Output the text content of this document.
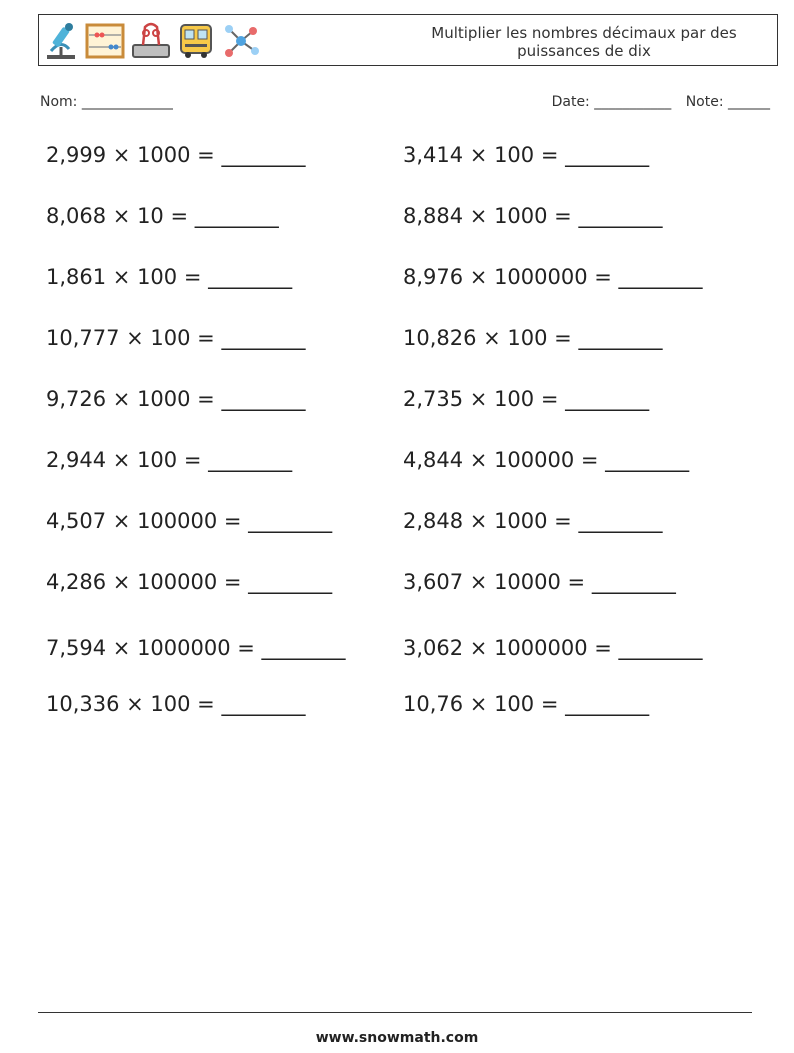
Multiplier les nombres décimaux par des puissances de dix
Nom: _____________	Date: ___________ Note: ______
2,999 × 1000 = ________	3,414 × 100 = ________
8,068 × 10 = ________	8,884 × 1000 = ________
1,861 × 100 = ________	8,976 × 1000000 = ________
10,777 × 100 = ________	10,826 × 100 = ________
9,726 × 1000 = ________	2,735 × 100 = ________
2,944 × 100 = ________	4,844 × 100000 = ________
4,507 × 100000 = ________	2,848 × 1000 = ________
4,286 × 100000 = ________	3,607 × 10000 = ________
7,594 × 1000000 = ________	3,062 × 1000000 = ________
10,336 × 100 = ________	10,76 × 100 = ________
www.snowmath.com
